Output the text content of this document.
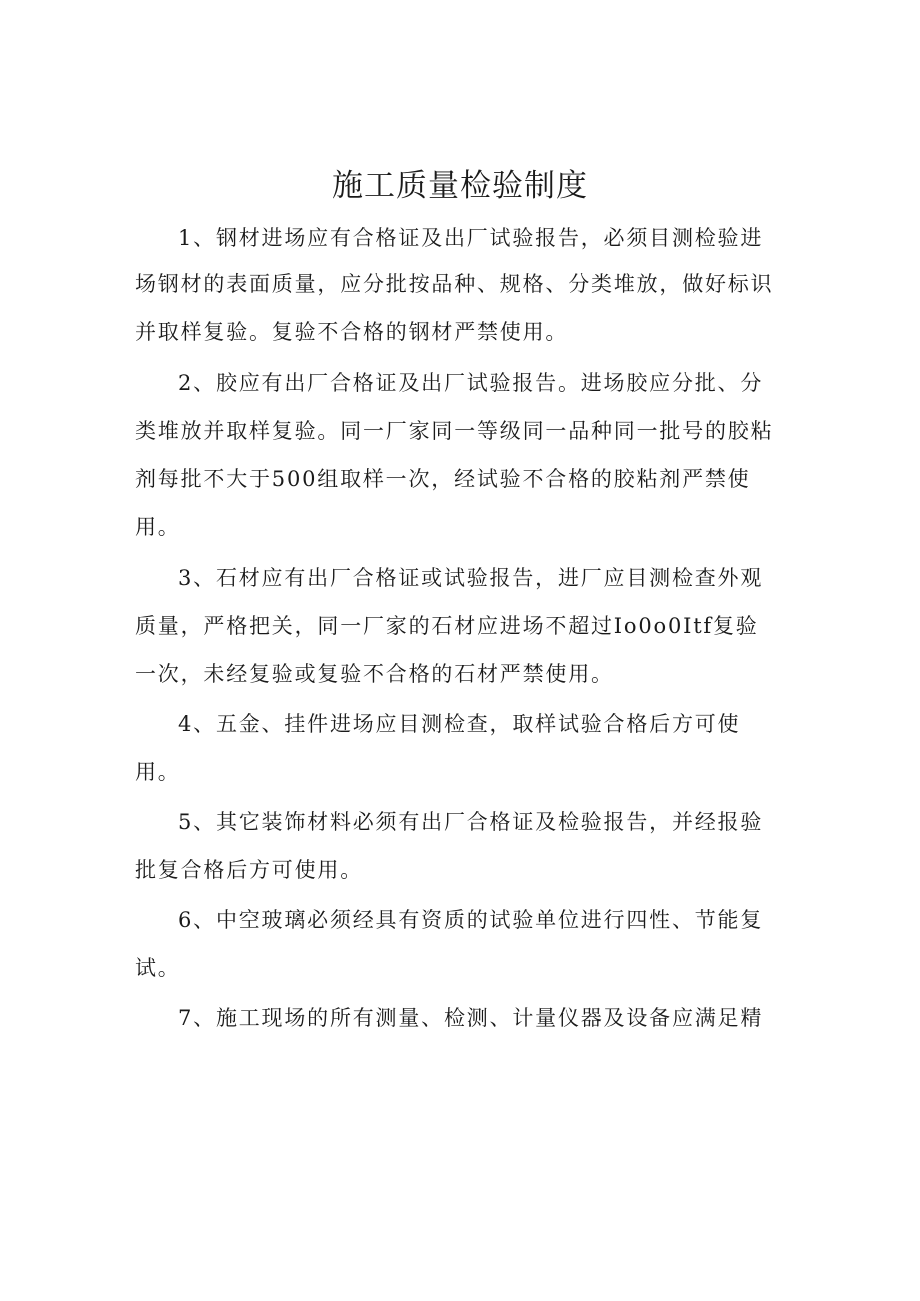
施工质量检验制度
1、钢材进场应有合格证及出厂试验报告，必须目测检验进
场钢材的表面质量，应分批按品种、规格、分类堆放，做好标识
并取样复验。复验不合格的钢材严禁使用。
2、胶应有出厂合格证及出厂试验报告。进场胶应分批、分
类堆放并取样复验。同一厂家同一等级同一品种同一批号的胶粘
剂每批不大于500组取样一次，经试验不合格的胶粘剂严禁使
用。
3、石材应有出厂合格证或试验报告，进厂应目测检查外观
质量，严格把关，同一厂家的石材应进场不超过Io0o0Itf复验
一次，未经复验或复验不合格的石材严禁使用。
4、五金、挂件进场应目测检查，取样试验合格后方可使
用。
5、其它装饰材料必须有出厂合格证及检验报告，并经报验
批复合格后方可使用。
6、中空玻璃必须经具有资质的试验单位进行四性、节能复
试。
7、施工现场的所有测量、检测、计量仪器及设备应满足精
